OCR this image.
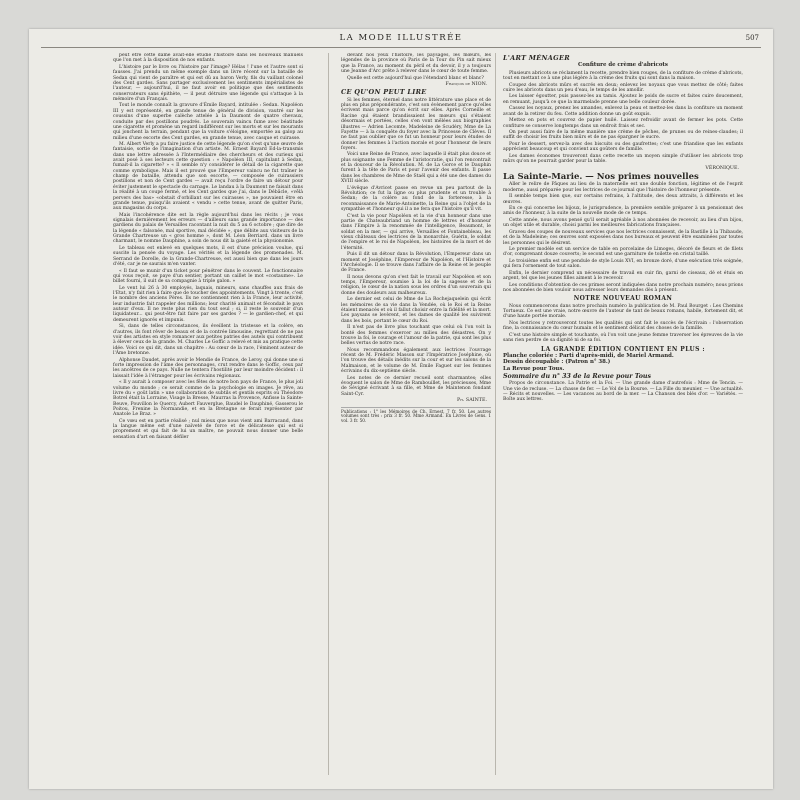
LA MODE ILLUSTRÉE	507

peut être cette dame avait-elle étudié l'histoire dans les nouveaux manuels que l'on met à la disposition de nos enfants.

L'histoire par le livre ou l'histoire par l'image? Hélas ! l'une et l'autre sont si fausses. J'ai prendu un même exemple dans un livre récent sur la bataille de Sedan qui vient de paraître et qui est dû au baron Verly, fils du vaillant colonel des Cent gardes. Sans partager exclusivement les sentiments impérialistes de l'auteur, — aujourd'hui, il ne faut avoir en politique que des sentiments conservateurs sans épithète, — il peut détruire une légende qui s'attaque à la mémoire d'un Français.

Tout le monde connaît la gravure d'Émile Bayard, intitulée : Sedan. Napoléon III y est représenté, en grande tenue de général de division, vautré sur les coussins d'une superbe calèche attelée à la Daumont de quatre chevaux, conduite par des postillons poudrés. Le souverain vaincu fume avec béatitude une cigarette et promène un regard indifférent sur les morts et sur les mourants qui jonchent la terrain, pendant que la voiture s'éloigne, emportée au galop au milieu d'une escorte des Cent gardes, en grande tenue, avec casque et cuirasse.

M. Albert Verly a pu faire justice de cette légende qu'on s'est qu'une œuvre de fantaisie, sortie de l'imagination d'un artiste. M. Ernest Bayard Ed-la-transmis dans une lettre adressée à l'Intermédiaire des chercheurs et des curieux qui avait posé à ses lecteurs cette question : « Napoléon III, capitulant à Sedan, fumait-il la cigarette? » « Il semble n'y considérer le détail de la cigarette que comme symbolique. Mais il est prouvé que l'Empereur vaincu ne fut traîner le champ de bataille, attendu que son escorte, — composée de cuirassiers postillons et non de Cent gardes — avait reçu l'ordre de faire un détour pour éviter justement le spectacle du carnage. Le landau à la Daumont ne faisait dans la réalité à un coupé fermé, et les Cent gardes que j'ai, dans le Débâcle, «vêlà pervers des bas» «obstait d'orbillant sur les cuirasses », ne pouvaient être en grande tenue, puisqu'ils avaient « vendu » cette tenue, avant de quitter Paris, aux magasins du corps.

Mais l'incohérence dite est la règle aujourd'hui dans les récits ; je vous signalais dernièrement les erreurs — d'ailleurs sans grande importance — des gardiens du palais de Versailles racontant la nuit du 5 au 6 octobre ; que dire de la légende « falsonée, mal sportive, mal décidée », que débite aux visiteurs de la Grande Chartreuse un « gros homme », dont M. Léon Berriard. dans un livre charmant, le nomme Dauphine, a soin de nous dit la gaieté et la physionomie.

Le tableau est enlevé en quelques mots, il est d'une précision voulue, qui suscite la pensée du voyage. Les vérités et la légende des promenades. M. Serrand de Dorelle, de la Grande-Chartreuse, est aussi bien que dans les jours d'été, car je ne saurais m'en vanter.

« Il faut se munir d'un ticket pour pénétrer dans le couvent. Le fonctionnaire qui vous reçoit, se paye d'un sentier, portant un caillet le mot «costaume». Le billet fourni, il suit de sa compagnie à triple galon. »

Le vent lui 26 à 30 employés, laquais, mineurs, sans chauffes aux frais de l'Etat, n'y fait rien à faire que de toucher des appointements. Vingt à trente, c'est le nombre des anciens Pères. Ils ne contiennent rien à la France, leur activité, leur industrie fait rappeler des millions; leur charité animait et fécondait le pays autour d'eux. Il ne reste plus rien du tout seul ; si, il reste le souvenir d'un liquidateur... qui peut-être fait faire par ses gardes ? — le gardien-chef, et qui demeurent ignorés et impunis.

Si, dans de telles circonstances, ils éveillent la tristesse et la colère, en d'autres, ils font rêver de beaux et de la contrée limousine, regrettant de ne pas voir des artistes en style romancer aux petites patries des autels qui contribuent à élever ceux de la grande. M. Charles Le Goffic a relevé et mis au pratique cette idée. Voici ce qui dit, dans un chapitre : Au cœur de la race, l'éminent auteur de l'Âme bretonne.

Alphonse Daudet, après avoir le Mendie de France, de Leroy, qui donne une si forte impression de l'âme des personnages, crut rendre dans le Goffic, ceux par les ancêtres de ce pays. Nulle ne tentera l'hostilité par leur moindre décident : il laissait l'idée à l'étranger pour les écrivains régionaux.

« Il y aurait à composer avec les fêtes de notre bon pays de France, le plus joli volume du monde ; ce serait comme de la psychologie en images. Je rêve, au livre du « goût latin » une collaboration de subtils et gentils esprits où Théodore Botrel était la Lorraine, Visage la Bresse, Maurras la Provence, Anfisse la Sainte-Beuve, Pouvillon le Quercy, Aubert Fauverglue, Baudel le Dauphiné, Gasserou le Poitou, Frenine la Normandie, et en la Bretagne se ferait représenter par Anatole Le Braz. »

Ce vœu est en partie réalisé ; nul mieux que nous vient ami Barracand, dans la langue même est d'une naïveté de force et de délicatesse qui est si proprement et qui fait de lui un maître, ne pouvait nous donner une belle sensation d'art en faisant défiler

devant nos yeux l'histoire, les paysages, les mœurs, les légendes de la province où Paris de la Tour du Pin sait mieux que la France, au moment du péril et du devoir, il y a toujours une Jeanne d'Arc prête à relever dans le cœur de toute femme.

Quelle est cette aujourd'hui que l'étendard blanc et blanc?

François de NION.
CE QU'ON PEUT LIRE

Si les femmes, éternel dans notre littérature une place et de plus en plus prépondérante, c'est son évènement parce qu'elles écrivent mais parce qu'on écrit sur elles. Après Corneille et Racine qui étaient brandissaient les mœurs qui s'étaient désormais et portées, celles s'en vont mêlées aux biographies illustres — Adrien Lecomte, Madeleine de Scudéry, Mme de La Fayette — à la conquête du foyer avec la Princesse de Clèves. Il ne faut pas oublier que ce fut un honneur pour leurs études de donner les femmes à l'action morale et pour l'honneur de leurs foyers.

Voici une Reine de France, avec laquelle il était plus douce et plus soignante une Femme de l'aristocratie, qui l'on rencontrait et la douceur de la Révolution. M. de La Gorce et le Dauphin furent à la tête de Paris et pour l'avenir des enfants. Il passe dans les chambres de Mme de Staël qui a été une des dames du XVIII siècle.

L'évêque d'Avricet passe en revue un peu partout de la Révolution; ce fut la ligne ou plus prudente et un trouble à Sedan; de la colère au fond de la forteresse, à la reconnaissance de Marie-Antoinette, la Reine qui a l'objet de la sympathie et l'honneur qui il a ne fera que l'histoire qu'il vit.

C'est la vie pour Napoléon et la vie d'un honneur dans une partie de Chateaubriand un homme de lettres et d'honneur dans l'Empire à la renommée de l'intelligence, Beaumont, le soldat en la mer, — qui arrive, Versailles et Fontainebleau, les vieux châteaux des lectrices de la monarchie, Guérin, le soldat de l'empire et le roi de Napoléon, les histoires de la mort et de l'éternité.

Puis il dit un détour dans la Révolution, l'Empereur dans un moment et Joséphine, l'Empereur de Napoléon, et l'Histoire et l'Archéologie. Il se trouve dans l'affaire de la Reine et le peuple de France.

Il nous devons qu'on s'est fait le travail sur Napoléon et son temps, l'Empereur, soumise à la loi de la sagesse et de la religion, le cœur de la nation sous les ordres d'un souverain qui donne des douleurs aux malheureux.

Le dernier est celui de Mme de La Rochejaquelein qui écrit les mémoires de sa vie dans la Vendée, où le Roi et la Reine étaient menacés et où il fallut choisir entre la fidélité et la mort. Les paysans se levèrent, et les dames de qualité les suivirent dans les bois, portant le cœur du Roi.

Il n'est pas de livre plus touchant que celui où l'on voit la bonté des femmes s'exercer au milieu des désastres. On y trouve la foi, le courage et l'amour de la patrie, qui sont les plus belles vertus de notre race.

Nous recommandons également aux lectrices l'ouvrage récent de M. Frédéric Masson sur l'Impératrice Joséphine, où l'on trouve des détails inédits sur la cour et sur les salons de la Malmaison, et le volume de M. Émile Faguet sur les femmes écrivains du dix-septième siècle.

Les notes de ce dernier recueil sont charmantes; elles évoquent le salon de Mme de Rambouillet, les précieuses, Mme de Sévigné écrivant à sa fille, et Mme de Maintenon fondant Saint-Cyr.

Ph. SAINTE.
Publications : 1° les Mémoires de Ch. Ernest, 7 fr. 50. Les autres volumes sont très : prix 3 fr. 50. Mme Armand. En Livres de Gens. 1 vol. 3 fr. 50.
L'ART MÉNAGER
Confiture de crème d'abricots

Plusieurs abricots se réclament la recette, prendre bien rouges, de la confiture de crème d'abricots, tout en mettant ce à une plus légère à la crème des fruits qui sont dans la maison.

Coupez des abricots mûrs et sucrés en deux; enlevez les noyaux que vous mettez de côté; faites cuire les abricots dans un peu d'eau, le temps de les amollir.

Les laisser égoutter, puis passez-les au tamis. Ajoutez le poids de sucre et faites cuire doucement, en remuant, jusqu'à ce que la marmelade prenne une belle couleur dorée.

Cassez les noyaux, prenez les amandes, enlevez la peau et mettez-les dans la confiture un moment avant de la retirer du feu. Cette addition donne un goût exquis.

Mettez en pots et couvrez de papier huilé. Laissez refroidir avant de fermer les pots. Cette confiture se conserve longtemps dans un endroit frais et sec.

On peut aussi faire de la même manière une crème de pêches, de prunes ou de reines-claudes; il suffit de choisir les fruits bien mûrs et de ne pas épargner le sucre.

Pour le dessert, servez-la avec des biscuits ou des gaufrettes; c'est une friandise que les enfants apprécient beaucoup et qui convient aux goûters de famille.

Les dames économes trouveront dans cette recette un moyen simple d'utiliser les abricots trop mûrs qu'on ne pourrait garder pour la table.

VÉRONIQUE.
La Sainte-Marie. — Nos primes nouvelles

Aller le relire de Pâques au lieu de la maternelle est une double fonction, légitime et de l'esprit moderne, aussi préparée pour les lectrices de ce journal que l'histoire de l'honneur présente.

Il semble temps bien que, sur certains refrains, à l'altitude, des deux attraits, à différents et les œuvres.

En ce qui concerne les bijoux, le jurisprudence, la première semble préparer à un pensionnat des amis de l'honneur, à la suite de la nouvelle mode de ce temps.

Cette année, nous avons pensé qu'il serait agréable à nos abonnées de recevoir, au lieu d'un bijou, un objet utile et durable, choisi parmi les meilleures fabrications françaises.

Graveu des coupes de nouveaux services que nos lectrices connaissent, de la Bastille à la Thibaude, et de la Madeleine; ces œuvres sont exposées dans nos bureaux et peuvent être examinées par toutes les personnes qui le désirent.

Le premier modèle est un service de table en porcelaine de Limoges, décoré de fleurs et de filets d'or, comprenant douze couverts; le second est une garniture de toilette en cristal taillé.

Le troisième enfin est une pendule de style Louis XVI, en bronze doré, d'une exécution très soignée, qui fera l'ornement de tout salon.

Enfin, le dernier comprend un nécessaire de travail en cuir fin, garni de ciseaux, dé et étuis en argent, tel que les jeunes filles aiment à le recevoir.

Les conditions d'obtention de ces primes seront indiquées dans notre prochain numéro; nous prions nos abonnées de bien vouloir nous adresser leurs demandes dès à présent.

NOTRE NOUVEAU ROMAN

Nous commencerons dans notre prochain numéro la publication de M. Paul Bourget : Les Chemins Tortueux. Ce est une vraie, notre œuvre de l'auteur de tant de beaux romans, habile, fortement dit, et d'une haute portée morale.

Nos lectrices y retrouveront toutes les qualités qui ont fait le succès de l'écrivain : l'observation fine, la connaissance du cœur humain et le sentiment délicat des choses de la famille.

C'est une histoire simple et touchante, où l'on voit une jeune femme traverser les épreuves de la vie sans rien perdre de sa dignité ni de sa foi.

LA GRANDE ÉDITION CONTIENT EN PLUS :
Planche coloriée : Parti d'après-midi, de Mariel Armand.
Dessin découpable : (Patron n° 38.)
La Revue pour Tous.
Sommaire du n° 33 de la Revue pour Tous

Propos de circonstance. La Patrie et la Foi. — Une grande dame d'autrefois : Mme de Tencin. — Une vie de recluse. — La chasse de fer. — Le Vol de la Bourse. — La Fille du meunier. — Une actualité. — Récits et nouvelles. — Les vacances au bord de la mer. — La Chanson des blés d'or. — Variétés. — Boîte aux lettres.
